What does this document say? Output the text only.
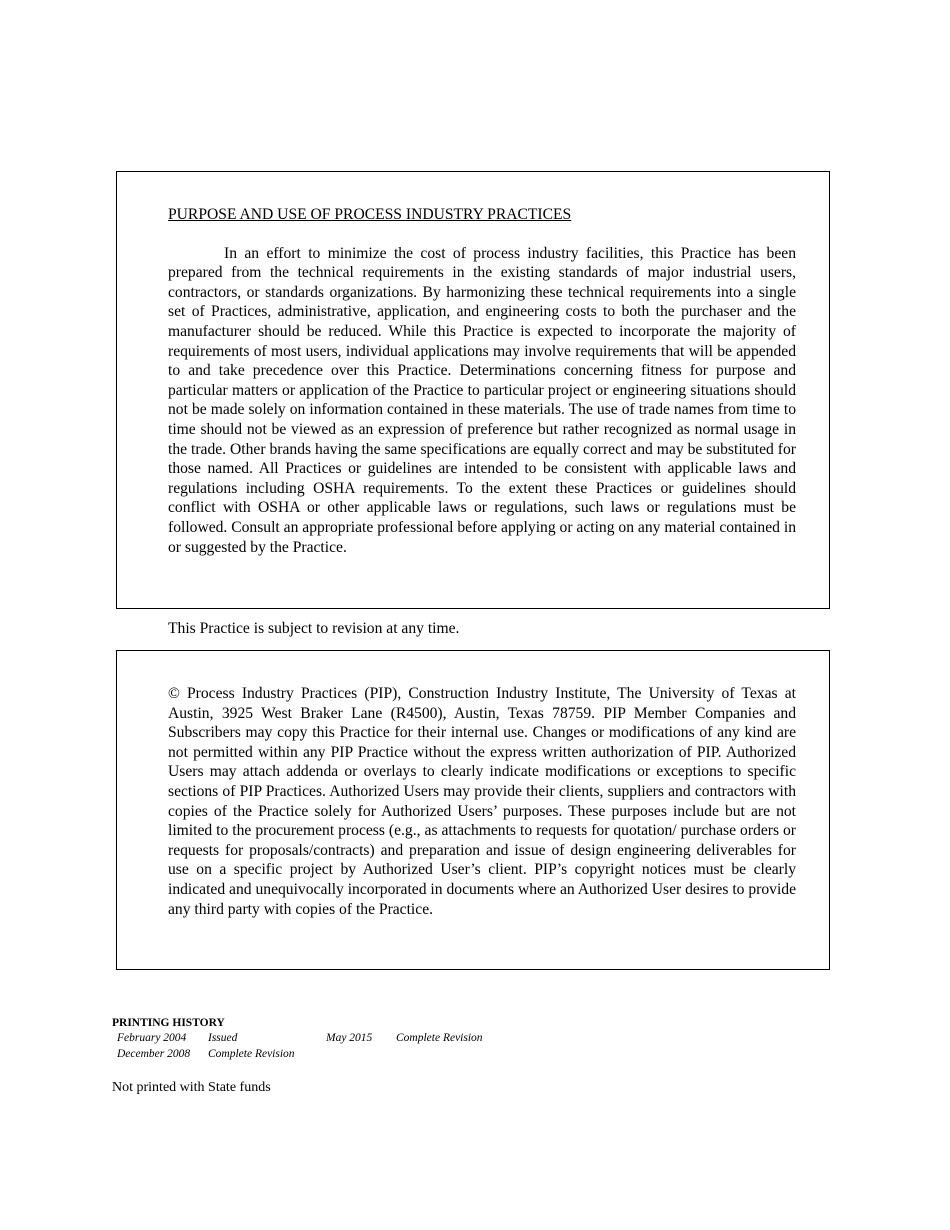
PURPOSE AND USE OF PROCESS INDUSTRY PRACTICES

In an effort to minimize the cost of process industry facilities, this Practice has been prepared from the technical requirements in the existing standards of major industrial users, contractors, or standards organizations. By harmonizing these technical requirements into a single set of Practices, administrative, application, and engineering costs to both the purchaser and the manufacturer should be reduced. While this Practice is expected to incorporate the majority of requirements of most users, individual applications may involve requirements that will be appended to and take precedence over this Practice. Determinations concerning fitness for purpose and particular matters or application of the Practice to particular project or engineering situations should not be made solely on information contained in these materials. The use of trade names from time to time should not be viewed as an expression of preference but rather recognized as normal usage in the trade. Other brands having the same specifications are equally correct and may be substituted for those named. All Practices or guidelines are intended to be consistent with applicable laws and regulations including OSHA requirements. To the extent these Practices or guidelines should conflict with OSHA or other applicable laws or regulations, such laws or regulations must be followed. Consult an appropriate professional before applying or acting on any material contained in or suggested by the Practice.

This Practice is subject to revision at any time.

© Process Industry Practices (PIP), Construction Industry Institute, The University of Texas at Austin, 3925 West Braker Lane (R4500), Austin, Texas 78759. PIP Member Companies and Subscribers may copy this Practice for their internal use. Changes or modifications of any kind are not permitted within any PIP Practice without the express written authorization of PIP. Authorized Users may attach addenda or overlays to clearly indicate modifications or exceptions to specific sections of PIP Practices. Authorized Users may provide their clients, suppliers and contractors with copies of the Practice solely for Authorized Users’ purposes. These purposes include but are not limited to the procurement process (e.g., as attachments to requests for quotation/ purchase orders or requests for proposals/contracts) and preparation and issue of design engineering deliverables for use on a specific project by Authorized User’s client. PIP’s copyright notices must be clearly indicated and unequivocally incorporated in documents where an Authorized User desires to provide any third party with copies of the Practice.

PRINTING HISTORY
February 2004 Issued
December 2008 Complete Revision
May 2015 Complete Revision
Not printed with State funds
